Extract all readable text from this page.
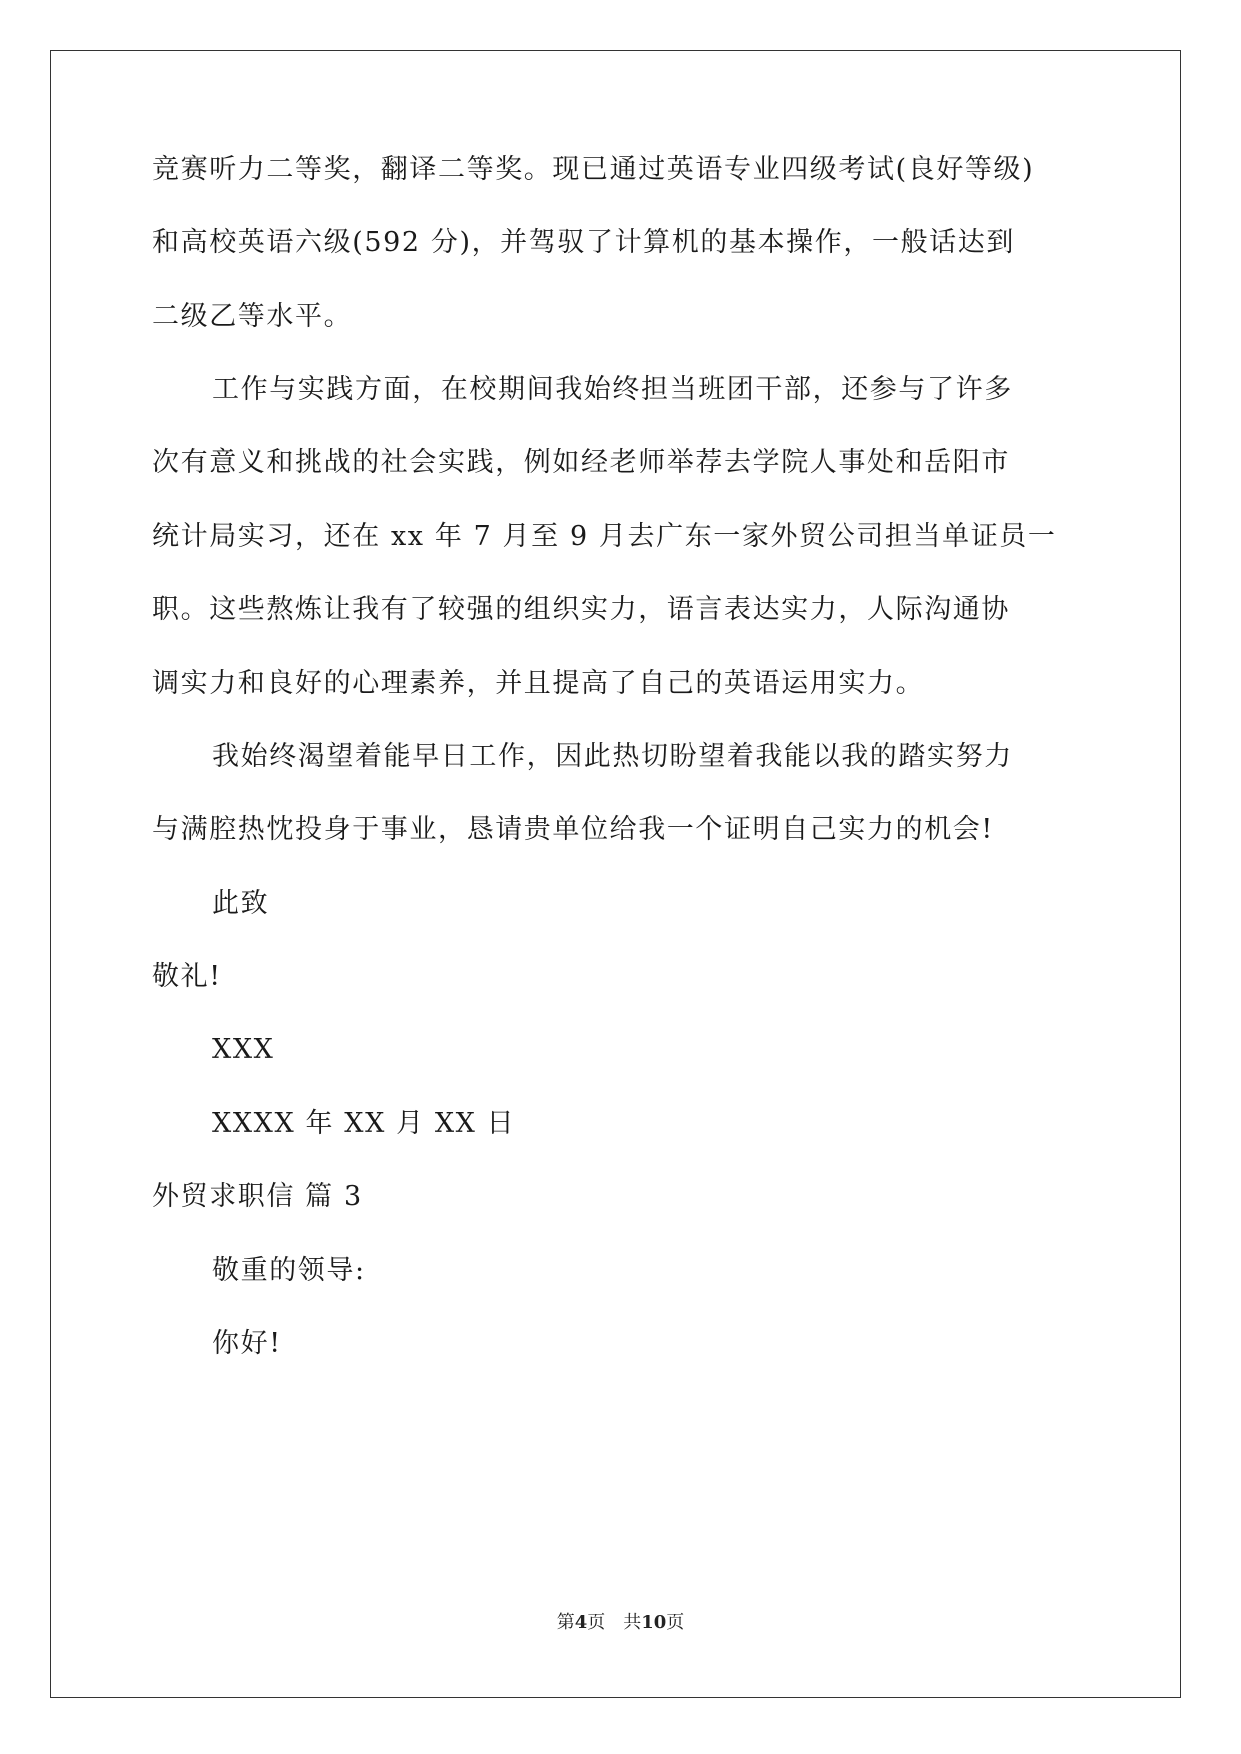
竞赛听力二等奖，翻译二等奖。现已通过英语专业四级考试(良好等级)
和高校英语六级(592 分)，并驾驭了计算机的基本操作，一般话达到
二级乙等水平。
工作与实践方面，在校期间我始终担当班团干部，还参与了许多
次有意义和挑战的社会实践，例如经老师举荐去学院人事处和岳阳市
统计局实习，还在 xx 年 7 月至 9 月去广东一家外贸公司担当单证员一
职。这些熬炼让我有了较强的组织实力，语言表达实力，人际沟通协
调实力和良好的心理素养，并且提高了自己的英语运用实力。
我始终渴望着能早日工作，因此热切盼望着我能以我的踏实努力
与满腔热忱投身于事业，恳请贵单位给我一个证明自己实力的机会!
此致
敬礼!
XXX
XXXX 年 XX 月 XX 日
外贸求职信 篇 3
敬重的领导:
你好!
第4页 共10页
